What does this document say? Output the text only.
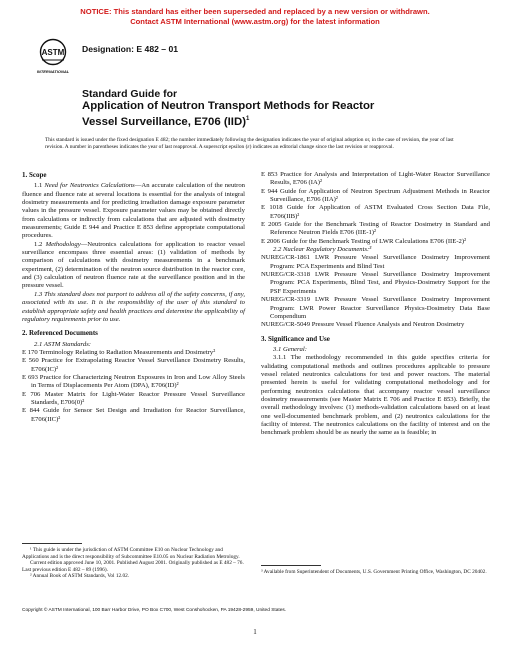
NOTICE: This standard has either been superseded and replaced by a new version or withdrawn.
Contact ASTM International (www.astm.org) for the latest information
ASTM
INTERNATIONAL
Designation: E 482 – 01
Standard Guide for
Application of Neutron Transport Methods for Reactor
Vessel Surveillance, E706 (IID)$^1$
This standard is issued under the fixed designation E 482; the number immediately following the designation indicates the year of original adoption or, in the case of revision, the year of last revision. A number in parentheses indicates the year of last reapproval. A superscript epsilon (ε) indicates an editorial change since the last revision or reapproval.

1. Scope

1.1 Need for Neutronics Calculations—An accurate calculation of the neutron fluence and fluence rate at several locations is essential for the analysis of integral dosimetry measurements and for predicting irradiation damage exposure parameter values in the pressure vessel. Exposure parameter values may be obtained directly from calculations or indirectly from calculations that are adjusted with dosimetry measurements; Guide E 944 and Practice E 853 define appropriate computational procedures.

1.2 Methodology—Neutronics calculations for application to reactor vessel surveillance encompass three essential areas: (1) validation of methods by comparison of calculations with dosimetry measurements in a benchmark experiment, (2) determination of the neutron source distribution in the reactor core, and (3) calculation of neutron fluence rate at the surveillance position and in the pressure vessel.

1.3 This standard does not purport to address all of the safety concerns, if any, associated with its use. It is the responsibility of the user of this standard to establish appropriate safety and health practices and determine the applicability of regulatory requirements prior to use.

2. Referenced Documents

2.1 ASTM Standards:

E 170 Terminology Relating to Radiation Measurements and Dosimetry²

E 560 Practice for Extrapolating Reactor Vessel Surveillance Dosimetry Results, E706(IC)²

E 693 Practice for Characterizing Neutron Exposures in Iron and Low Alloy Steels in Terms of Displacements Per Atom (DPA), E706(ID)²

E 706 Master Matrix for Light-Water Reactor Pressure Vessel Surveillance Standards, E706(0)²

E 844 Guide for Sensor Set Design and Irradiation for Reactor Surveillance, E706(IIC)²

¹ This guide is under the jurisdiction of ASTM Committee E10 on Nuclear Technology and Applications and is the direct responsibility of Subcommittee E10.05 on Nuclear Radiation Metrology.
Current edition approved June 10, 2001. Published August 2001. Originally published as E 482 – 76. Last previous edition E 482 – 89 (1996).
² Annual Book of ASTM Standards, Vol 12.02.

E 853 Practice for Analysis and Interpretation of Light-Water Reactor Surveillance Results, E706 (IA)²

E 944 Guide for Application of Neutron Spectrum Adjustment Methods in Reactor Surveillance, E706 (IIA)²

E 1018 Guide for Application of ASTM Evaluated Cross Section Data File, E706(IIB)²

E 2005 Guide for the Benchmark Testing of Reactor Dosimetry in Standard and Reference Neutron Fields E706 (IIE-1)²

E 2006 Guide for the Benchmark Testing of LWR Calculations E706 (IIE-2)²

2.2 Nuclear Regulatory Documents:³

NUREG/CR-1861 LWR Pressure Vessel Surveillance Dosimetry Improvement Program: PCA Experiments and Blind Test

NUREG/CR-3318 LWR Pressure Vessel Surveillance Dosimetry Improvement Program: PCA Experiments, Blind Test, and Physics-Dosimetry Support for the PSF Experiments

NUREG/CR-3319 LWR Pressure Vessel Surveillance Dosimetry Improvement Program: LWR Power Reactor Surveillance Physics-Dosimetry Data Base Compendium

NUREG/CR-5049 Pressure Vessel Fluence Analysis and Neutron Dosimetry

3. Significance and Use

3.1 General:

3.1.1 The methodology recommended in this guide specifies criteria for validating computational methods and outlines procedures applicable to pressure vessel related neutronics calculations for test and power reactors. The material presented herein is useful for validating computational methodology and for performing neutronics calculations that accompany reactor vessel surveillance dosimetry measurements (see Master Matrix E 706 and Practice E 853). Briefly, the overall methodology involves: (1) methods-validation calculations based on at least one well-documented benchmark problem, and (2) neutronics calculations for the facility of interest. The neutronics calculations on the facility of interest and on the benchmark problem should be as nearly the same as is feasible; in

³ Available from Superintendent of Documents, U.S. Government Printing Office, Washington, DC 20402.
Copyright © ASTM International, 100 Barr Harbor Drive, PO Box C700, West Conshohocken, PA 19428-2959, United States.
1
